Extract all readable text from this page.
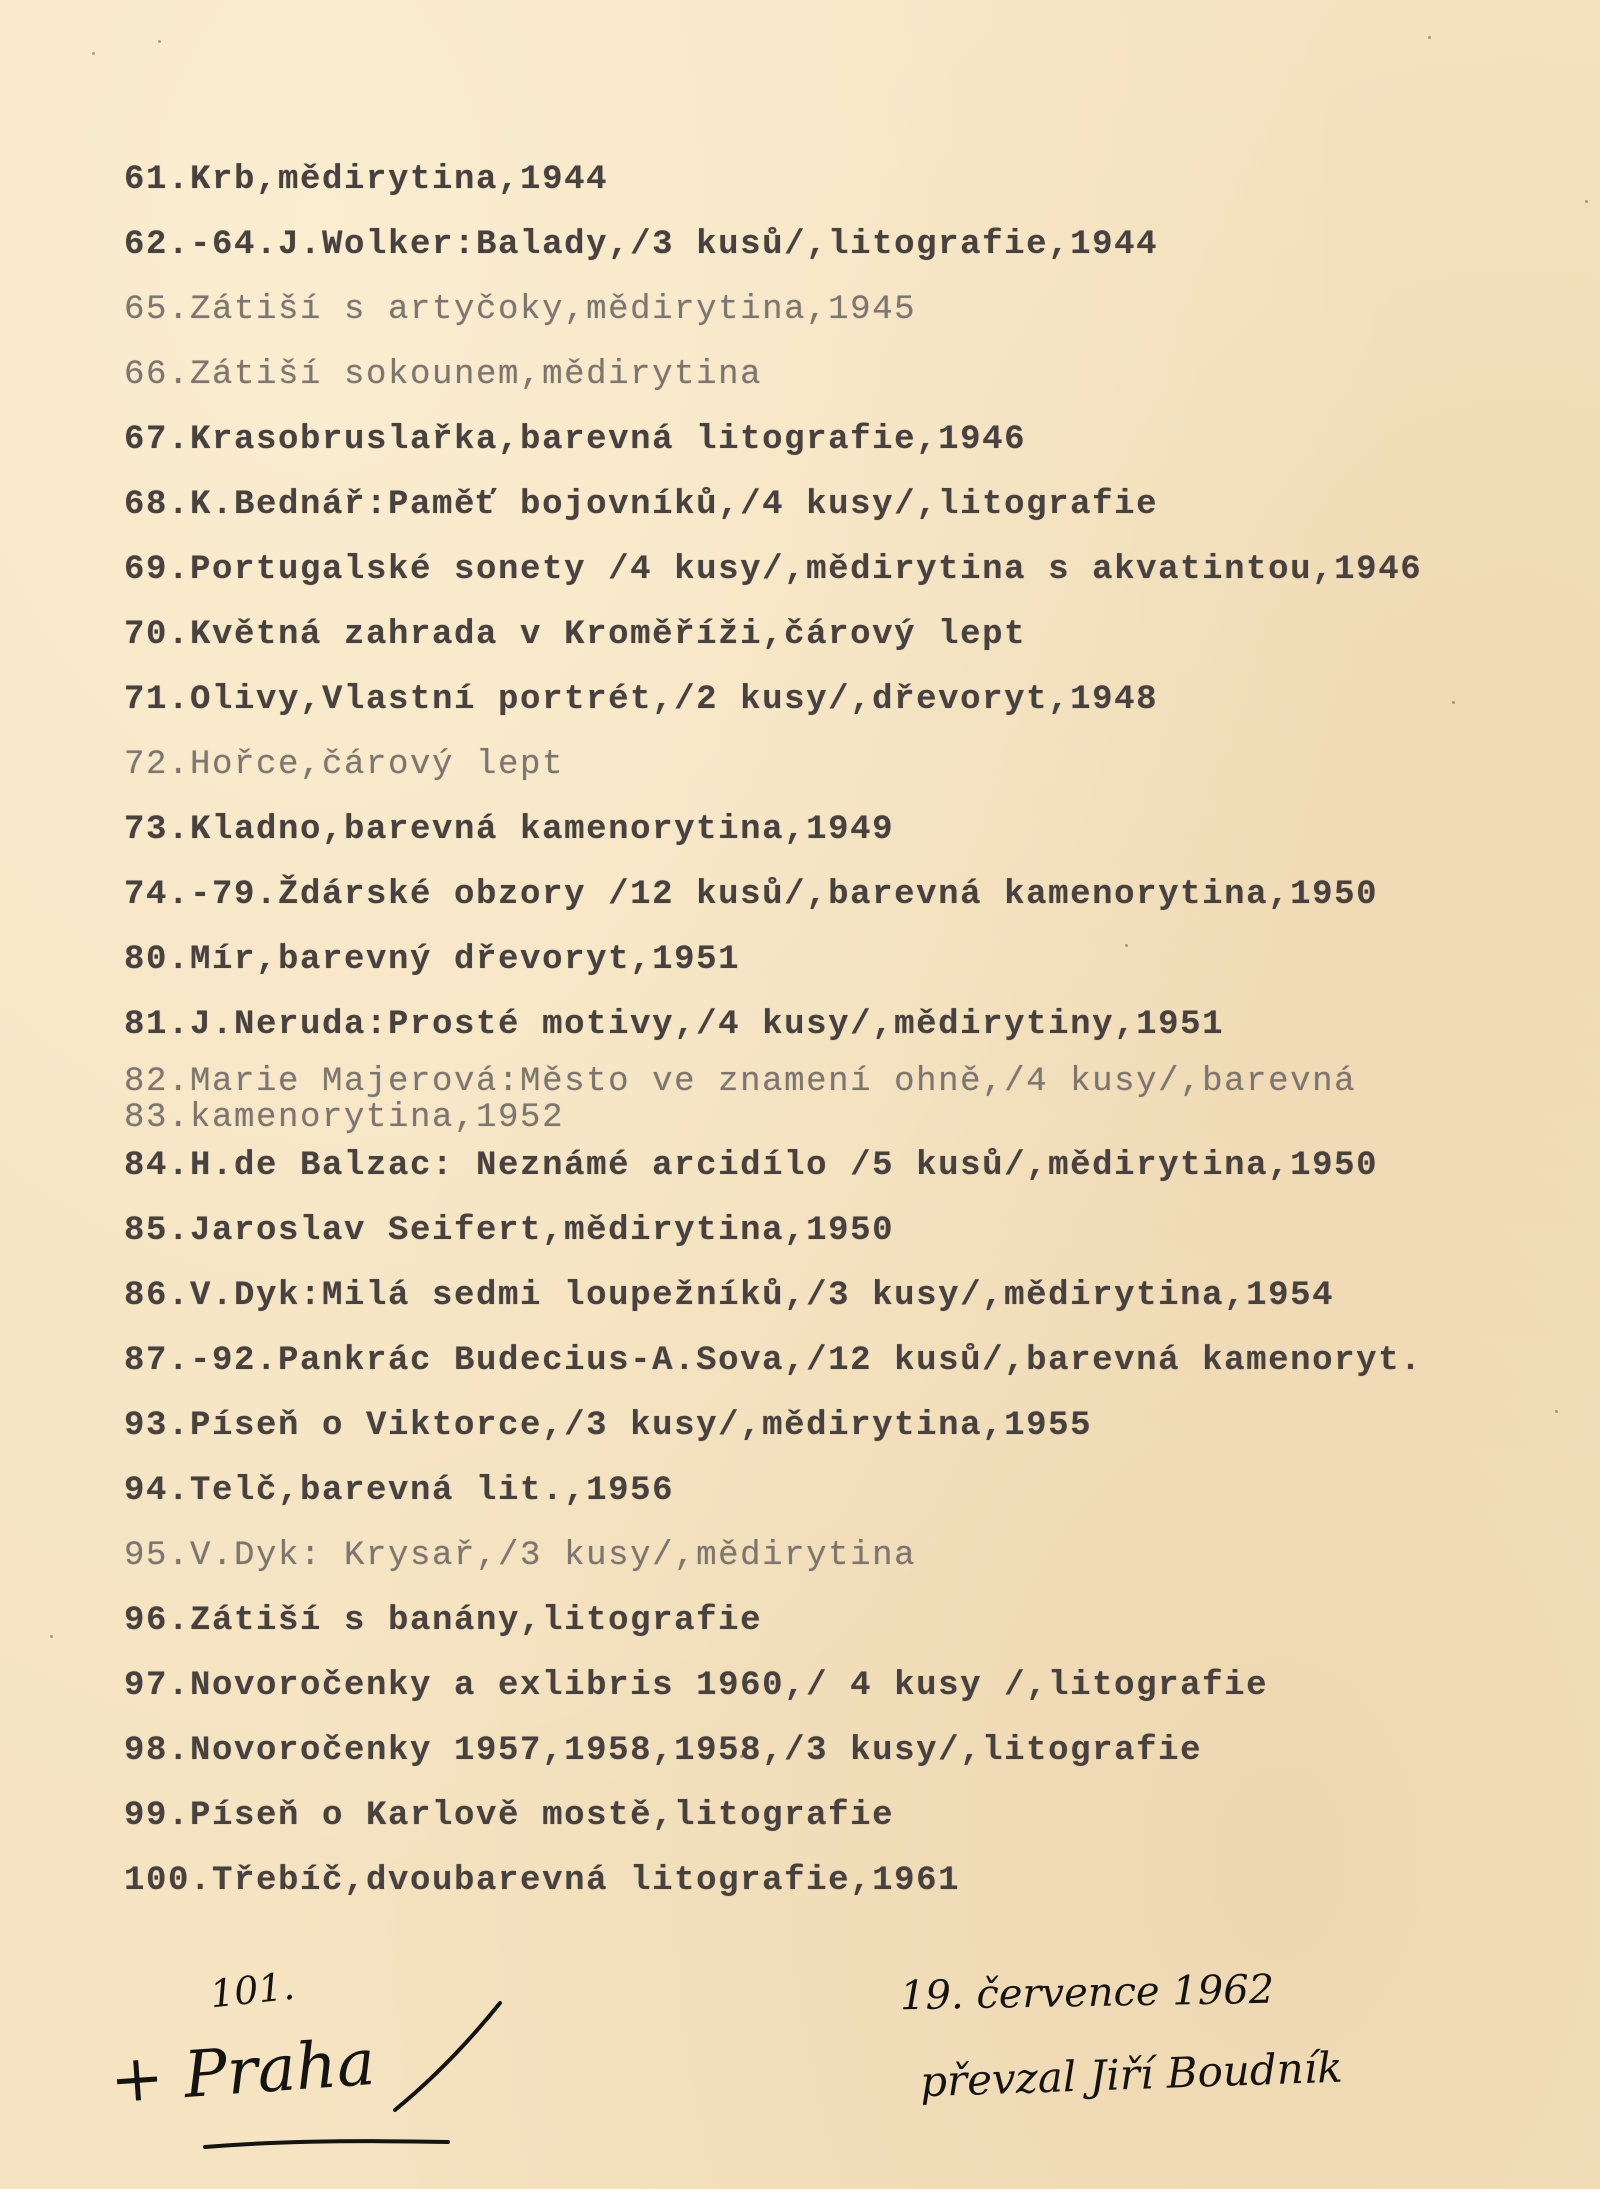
61.Krb,mědirytina,1944
62.-64.J.Wolker:Balady,/3 kusů/,litografie,1944
65.Zátiší s artyčoky,mědirytina,1945
66.Zátiší sokounem,mědirytina
67.Krasobruslařka,barevná litografie,1946
68.K.Bednář:Paměť bojovníků,/4 kusy/,litografie
69.Portugalské sonety /4 kusy/,mědirytina s akvatintou,1946
70.Květná zahrada v Kroměříži,čárový lept
71.Olivy,Vlastní portrét,/2 kusy/,dřevoryt,1948
72.Hořce,čárový lept
73.Kladno,barevná kamenorytina,1949
74.-79.Ždárské obzory /12 kusů/,barevná kamenorytina,1950
80.Mír,barevný dřevoryt,1951
81.J.Neruda:Prosté motivy,/4 kusy/,mědirytiny,1951
82.Marie Majerová:Město ve znamení ohně,/4 kusy/,barevná
83.kamenorytina,1952
84.H.de Balzac: Neznámé arcidílo /5 kusů/,mědirytina,1950
85.Jaroslav Seifert,mědirytina,1950
86.V.Dyk:Milá sedmi loupežníků,/3 kusy/,mědirytina,1954
87.-92.Pankrác Budecius-A.Sova,/12 kusů/,barevná kamenoryt.
93.Píseň o Viktorce,/3 kusy/,mědirytina,1955
94.Telč,barevná lit.,1956
95.V.Dyk: Krysař,/3 kusy/,mědirytina
96.Zátiší s banány,litografie
97.Novoročenky a exlibris 1960,/ 4 kusy /,litografie
98.Novoročenky 1957,1958,1958,/3 kusy/,litografie
99.Píseň o Karlově mostě,litografie
100.Třebíč,dvoubarevná litografie,1961
101.
+ Praha
19. července 1962
převzal Jiří Boudník
